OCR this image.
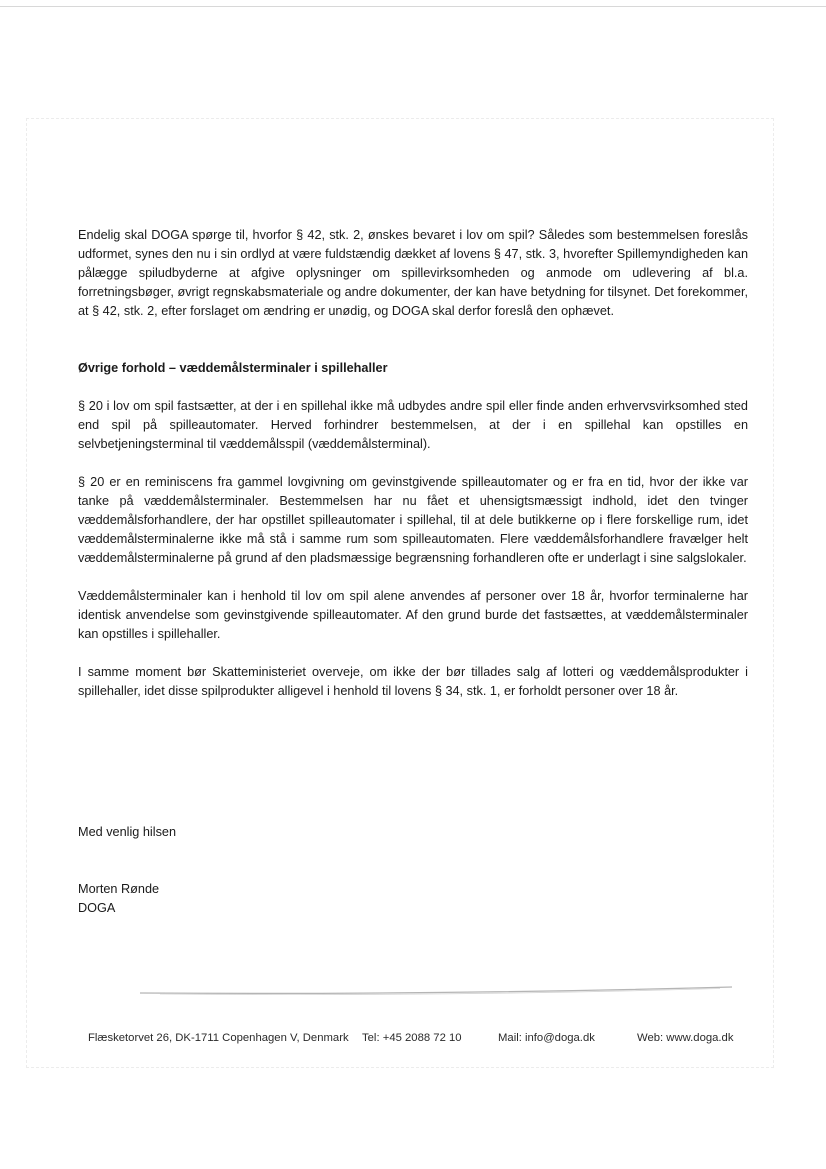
Endelig skal DOGA spørge til, hvorfor § 42, stk. 2, ønskes bevaret i lov om spil? Således som bestemmelsen foreslås udformet, synes den nu i sin ordlyd at være fuldstændig dækket af lovens § 47, stk. 3, hvorefter Spillemyndigheden kan pålægge spiludbyderne at afgive oplysninger om spillevirksomheden og anmode om udlevering af bl.a. forretningsbøger, øvrigt regnskabsmateriale og andre dokumenter, der kan have betydning for tilsynet. Det forekommer, at § 42, stk. 2, efter forslaget om ændring er unødig, og DOGA skal derfor foreslå den ophævet.

Øvrige forhold – væddemålsterminaler i spillehaller

§ 20 i lov om spil fastsætter, at der i en spillehal ikke må udbydes andre spil eller finde anden erhvervsvirksomhed sted end spil på spilleautomater. Herved forhindrer bestemmelsen, at der i en spillehal kan opstilles en selvbetjeningsterminal til væddemålsspil (væddemålsterminal).

§ 20 er en reminiscens fra gammel lovgivning om gevinstgivende spilleautomater og er fra en tid, hvor der ikke var tanke på væddemålsterminaler. Bestemmelsen har nu fået et uhensigtsmæssigt indhold, idet den tvinger væddemålsforhandlere, der har opstillet spilleautomater i spillehal, til at dele butikkerne op i flere forskellige rum, idet væddemålsterminalerne ikke må stå i samme rum som spilleautomaten. Flere væddemålsforhandlere fravælger helt væddemålsterminalerne på grund af den pladsmæssige begrænsning forhandleren ofte er underlagt i sine salgslokaler.

Væddemålsterminaler kan i henhold til lov om spil alene anvendes af personer over 18 år, hvorfor terminalerne har identisk anvendelse som gevinstgivende spilleautomater. Af den grund burde det fastsættes, at væddemålsterminaler kan opstilles i spillehaller.

I samme moment bør Skatteministeriet overveje, om ikke der bør tillades salg af lotteri og væddemålsprodukter i spillehaller, idet disse spilprodukter alligevel i henhold til lovens § 34, stk. 1, er forholdt personer over 18 år.

Med venlig hilsen
Morten Rønde
DOGA
Flæsketorvet 26, DK-1711 Copenhagen V, Denmark Tel: +45 2088 72 10	Mail: info@doga.dk	Web: www.doga.dk
